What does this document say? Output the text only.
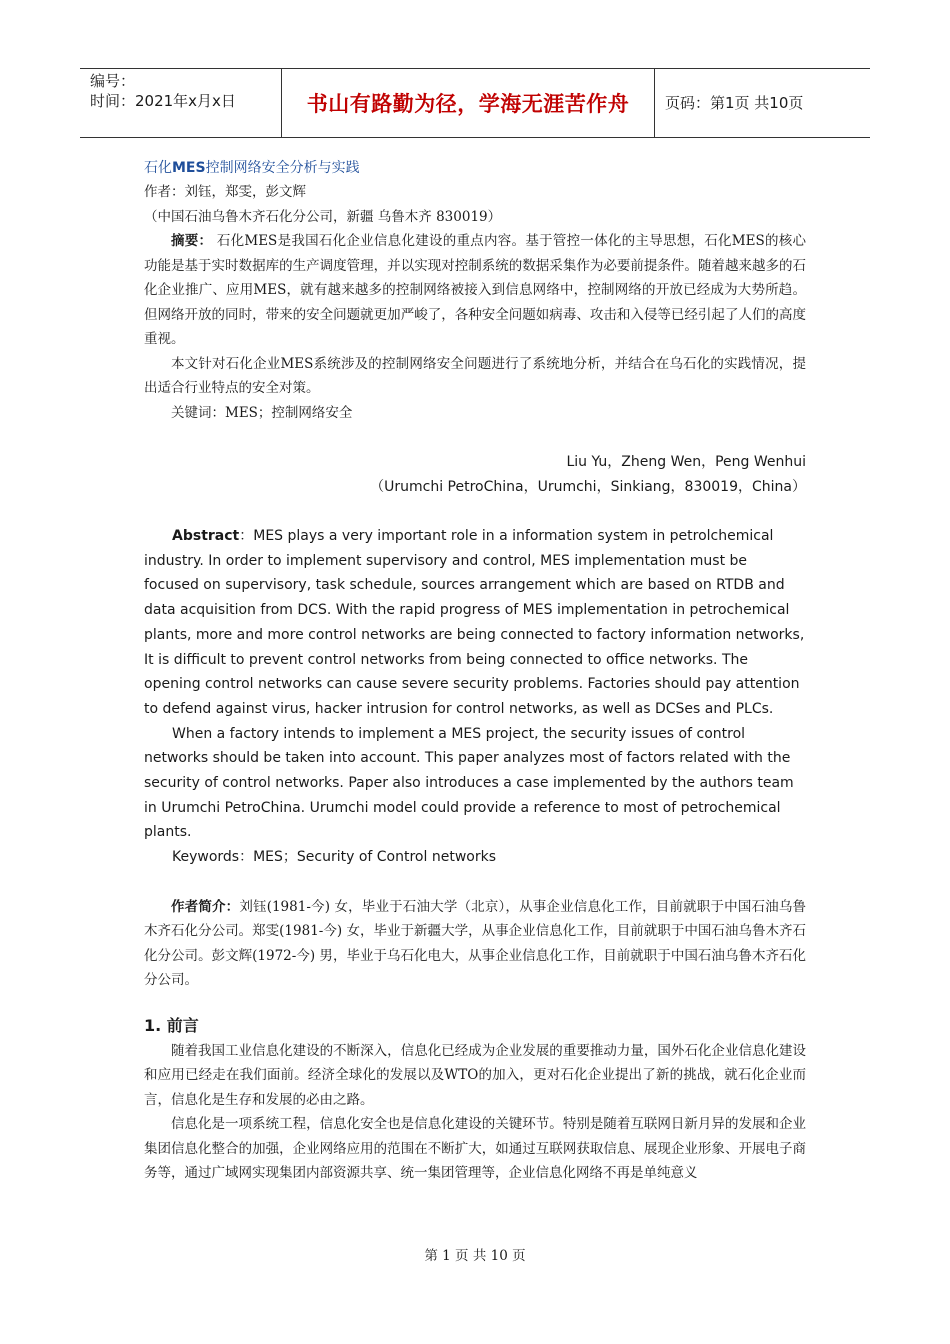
编号：
时间：2021年x月x日	书山有路勤为径，学海无涯苦作舟	页码：第1页 共10页

石化MES控制网络安全分析与实践

作者：刘钰，郑雯，彭文辉

（中国石油乌鲁木齐石化分公司，新疆 乌鲁木齐 830019）

摘要： 石化MES是我国石化企业信息化建设的重点内容。基于管控一体化的主导思想，石化MES的核心功能是基于实时数据库的生产调度管理，并以实现对控制系统的数据采集作为必要前提条件。随着越来越多的石化企业推广、应用MES，就有越来越多的控制网络被接入到信息网络中，控制网络的开放已经成为大势所趋。但网络开放的同时，带来的安全问题就更加严峻了，各种安全问题如病毒、攻击和入侵等已经引起了人们的高度重视。

本文针对石化企业MES系统涉及的控制网络安全问题进行了系统地分析，并结合在乌石化的实践情况，提出适合行业特点的安全对策。

关键词：MES；控制网络安全

Liu Yu，Zheng Wen，Peng Wenhui

（Urumchi PetroChina，Urumchi，Sinkiang，830019，China）

Abstract：MES plays a very important role in a information system in petrolchemical industry. In order to implement supervisory and control, MES implementation must be focused on supervisory, task schedule, sources arrangement which are based on RTDB and data acquisition from DCS. With the rapid progress of MES implementation in petrochemical plants, more and more control networks are being connected to factory information networks, It is difficult to prevent control networks from being connected to office networks. The opening control networks can cause severe security problems. Factories should pay attention to defend against virus, hacker intrusion for control networks, as well as DCSes and PLCs.

When a factory intends to implement a MES project, the security issues of control networks should be taken into account. This paper analyzes most of factors related with the security of control networks. Paper also introduces a case implemented by the authors team in Urumchi PetroChina. Urumchi model could provide a reference to most of petrochemical plants.

Keywords：MES；Security of Control networks

作者简介：刘钰(1981-今) 女，毕业于石油大学（北京），从事企业信息化工作，目前就职于中国石油乌鲁木齐石化分公司。郑雯(1981-今) 女，毕业于新疆大学，从事企业信息化工作，目前就职于中国石油乌鲁木齐石化分公司。彭文辉(1972-今) 男，毕业于乌石化电大，从事企业信息化工作，目前就职于中国石油乌鲁木齐石化分公司。

1. 前言

随着我国工业信息化建设的不断深入，信息化已经成为企业发展的重要推动力量，国外石化企业信息化建设和应用已经走在我们面前。经济全球化的发展以及WTO的加入，更对石化企业提出了新的挑战，就石化企业而言，信息化是生存和发展的必由之路。

信息化是一项系统工程，信息化安全也是信息化建设的关键环节。特别是随着互联网日新月异的发展和企业集团信息化整合的加强，企业网络应用的范围在不断扩大，如通过互联网获取信息、展现企业形象、开展电子商务等，通过广域网实现集团内部资源共享、统一集团管理等，企业信息化网络不再是单纯意义

第 1 页 共 10 页
